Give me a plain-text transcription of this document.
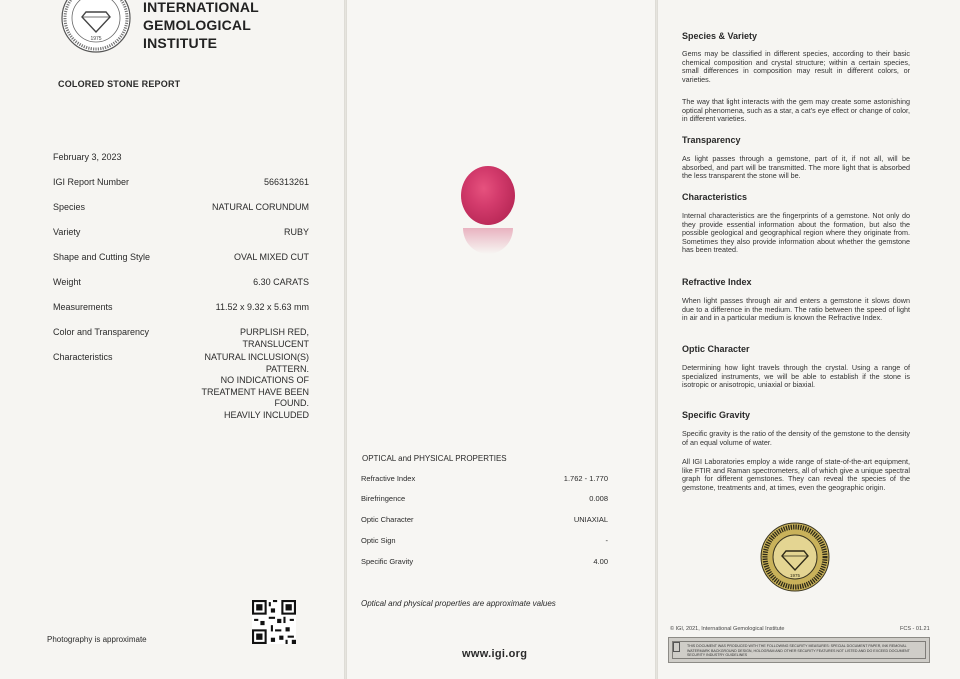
1975
INTERNATIONAL
GEMOLOGICAL
INSTITUTE
COLORED STONE REPORT
February 3, 2023
IGI Report Number	566313261
Species	NATURAL CORUNDUM
Variety	RUBY
Shape and Cutting Style	OVAL MIXED CUT
Weight	6.30 CARATS
Measurements	11.52 x 9.32 x 5.63 mm
Color and Transparency	PURPLISH RED,
TRANSLUCENT
Characteristics	NATURAL INCLUSION(S)
PATTERN.
NO INDICATIONS OF
TREATMENT HAVE BEEN
FOUND.
HEAVILY INCLUDED
Photography is approximate
OPTICAL and PHYSICAL PROPERTIES
Refractive Index	1.762 - 1.770
Birefringence	0.008
Optic Character	UNIAXIAL
Optic Sign	-
Specific Gravity	4.00
Optical and physical properties are approximate values
www.igi.org
Species & Variety
Gems may be classified in different species, according to their basic chemical composition and crystal structure; within a certain species, small differences in composition may result in different colors, or varieties.
The way that light interacts with the gem may create some astonishing optical phenomena, such as a star, a cat's eye effect or change of color, in different varieties.
Transparency
As light passes through a gemstone, part of it, if not all, will be absorbed, and part will be transmitted. The more light that is absorbed the less transparent the stone will be.
Characteristics
Internal characteristics are the fingerprints of a gemstone. Not only do they provide essential information about the formation, but also the possible geological and geographical region where they originate from. Sometimes they also provide information about whether the gemstone has been treated.
Refractive Index
When light passes through air and enters a gemstone it slows down due to a difference in the medium. The ratio between the speed of light in air and in a particular medium is known the Refractive Index.
Optic Character
Determining how light travels through the crystal. Using a range of specialized instruments, we will be able to establish if the stone is isotropic or anisotropic, uniaxial or biaxial.
Specific Gravity
Specific gravity is the ratio of the density of the gemstone to the density of an equal volume of water.
All IGI Laboratories employ a wide range of state-of-the-art equipment, like FTIR and Raman spectrometers, all of which give a unique spectral graph for different gemstones. They can reveal the species of the gemstone, treatments and, at times, even the geographic origin.
1975
© IGI, 2021, International Gemological Institute	FCS - 01.21
THIS DOCUMENT WAS PRODUCED WITH THE FOLLOWING SECURITY MEASURES: SPECIAL DOCUMENT PAPER, INK REMOVAL WATERMARK BACKGROUND DESIGN, HOLOGRAM AND OTHER SECURITY FEATURES NOT LISTED AND DO EXCEED DOCUMENT SECURITY INDUSTRY GUIDELINES
